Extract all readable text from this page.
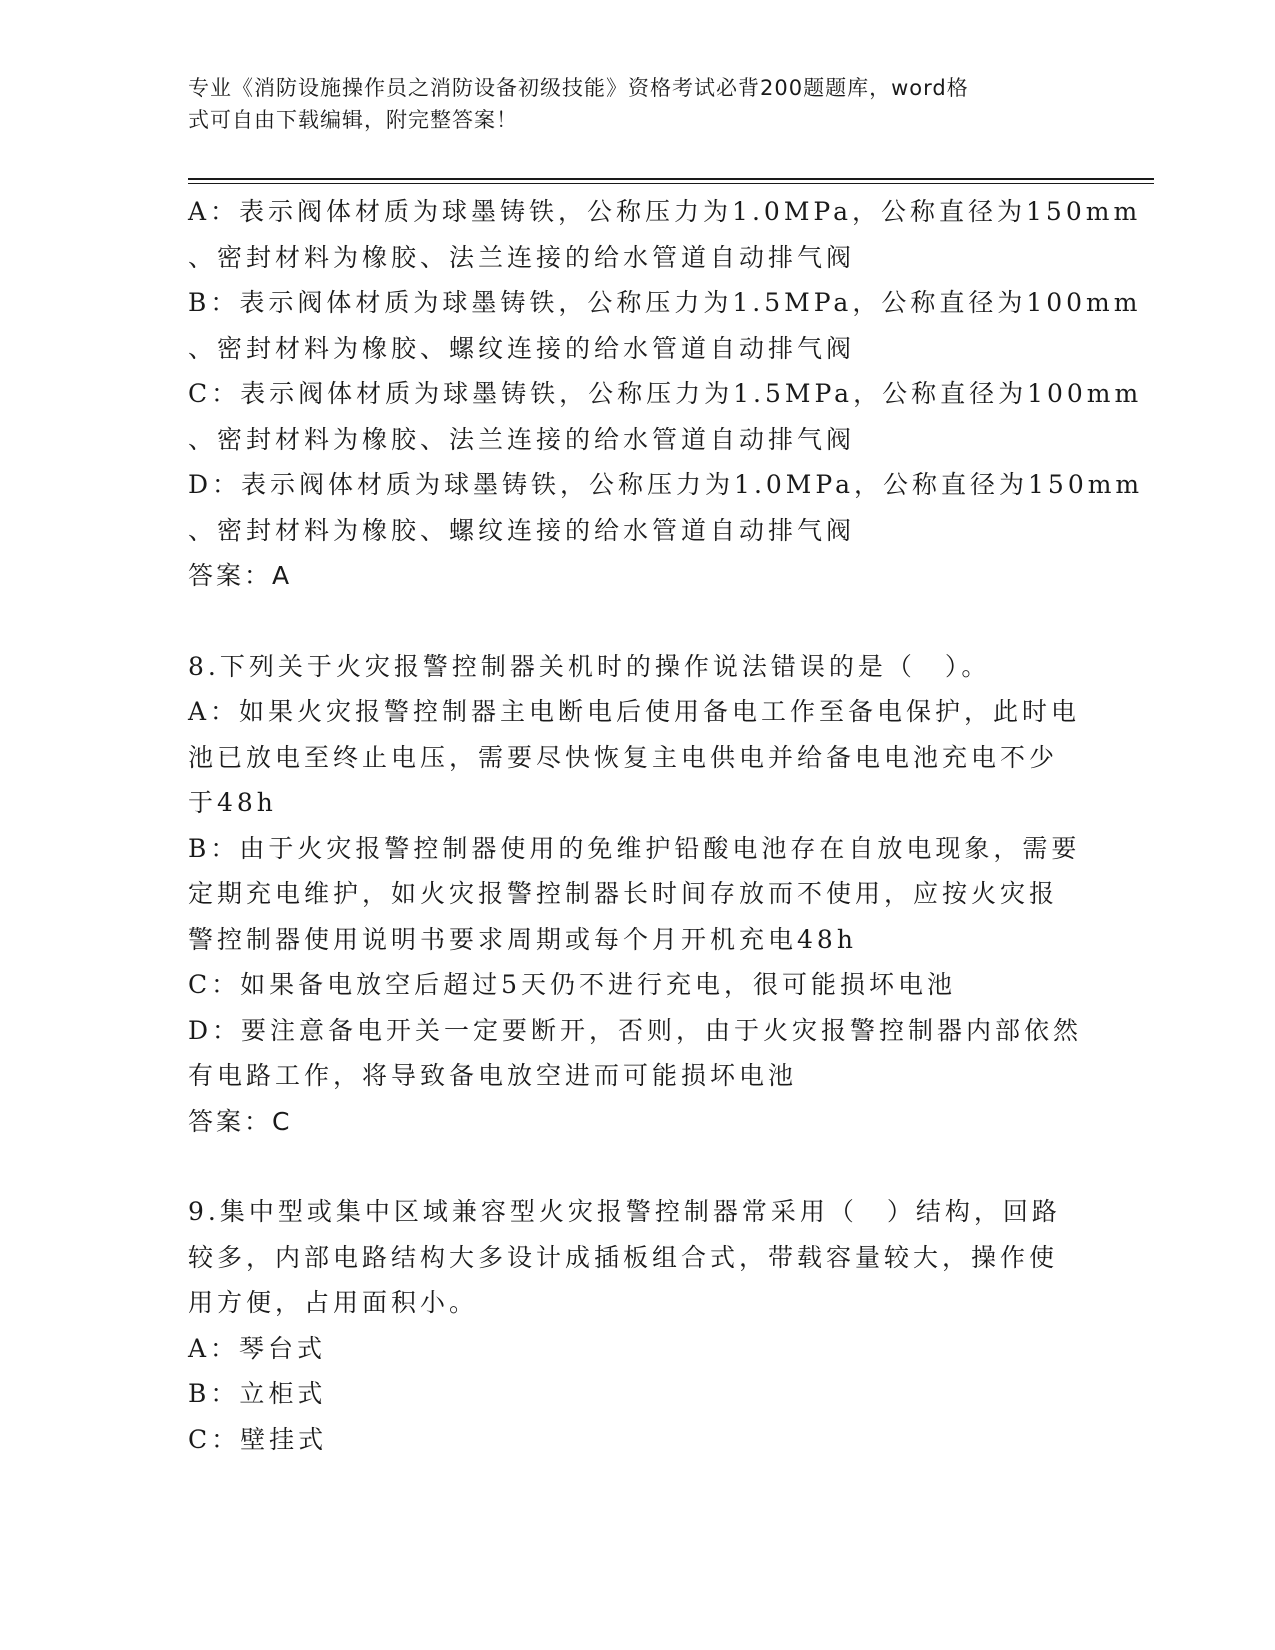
专业《消防设施操作员之消防设备初级技能》资格考试必背200题题库，word格
式可自由下载编辑，附完整答案！
A：表示阀体材质为球墨铸铁，公称压力为1.0MPa，公称直径为150mm
、密封材料为橡胶、法兰连接的给水管道自动排气阀
B：表示阀体材质为球墨铸铁，公称压力为1.5MPa，公称直径为100mm
、密封材料为橡胶、螺纹连接的给水管道自动排气阀
C：表示阀体材质为球墨铸铁，公称压力为1.5MPa，公称直径为100mm
、密封材料为橡胶、法兰连接的给水管道自动排气阀
D：表示阀体材质为球墨铸铁，公称压力为1.0MPa，公称直径为150mm
、密封材料为橡胶、螺纹连接的给水管道自动排气阀
答案：A
8.下列关于火灾报警控制器关机时的操作说法错误的是（　）。
A：如果火灾报警控制器主电断电后使用备电工作至备电保护，此时电
池已放电至终止电压，需要尽快恢复主电供电并给备电电池充电不少
于48h
B：由于火灾报警控制器使用的免维护铅酸电池存在自放电现象，需要
定期充电维护，如火灾报警控制器长时间存放而不使用，应按火灾报
警控制器使用说明书要求周期或每个月开机充电48h
C：如果备电放空后超过5天仍不进行充电，很可能损坏电池
D：要注意备电开关一定要断开，否则，由于火灾报警控制器内部依然
有电路工作，将导致备电放空进而可能损坏电池
答案：C
9.集中型或集中区域兼容型火灾报警控制器常采用（　）结构，回路
较多，内部电路结构大多设计成插板组合式，带载容量较大，操作使
用方便，占用面积小。
A：琴台式
B：立柜式
C：壁挂式
